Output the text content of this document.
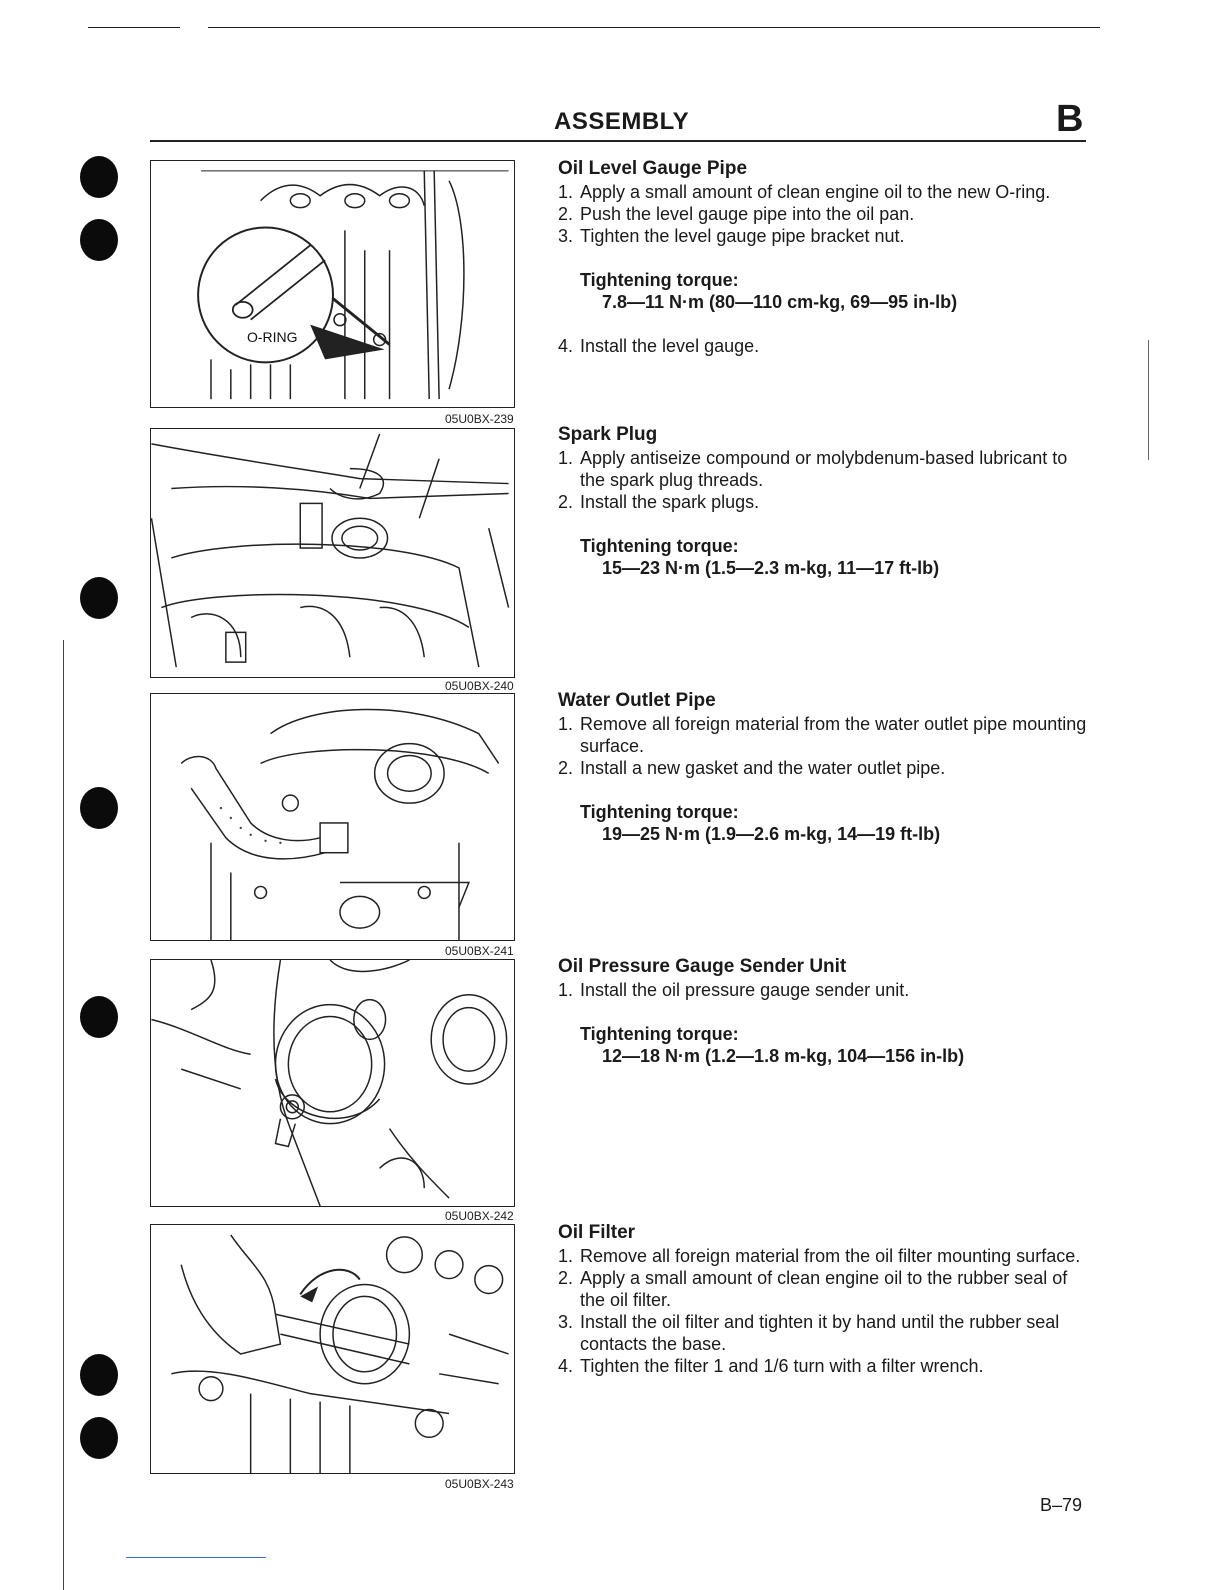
ASSEMBLY	B
O-RING
05U0BX-239
05U0BX-240
05U0BX-241
05U0BX-242
05U0BX-243
Oil Level Gauge Pipe
1. Apply a small amount of clean engine oil to the new O-ring.
2. Push the level gauge pipe into the oil pan.
3. Tighten the level gauge pipe bracket nut.
Tightening torque:
7.8—11 N·m (80—110 cm-kg, 69—95 in-lb)
4. Install the level gauge.
Spark Plug
1. Apply antiseize compound or molybdenum-based lubricant to the spark plug threads.
2. Install the spark plugs.
Tightening torque:
15—23 N·m (1.5—2.3 m-kg, 11—17 ft-lb)
Water Outlet Pipe
1. Remove all foreign material from the water outlet pipe mounting surface.
2. Install a new gasket and the water outlet pipe.
Tightening torque:
19—25 N·m (1.9—2.6 m-kg, 14—19 ft-lb)
Oil Pressure Gauge Sender Unit
1. Install the oil pressure gauge sender unit.
Tightening torque:
12—18 N·m (1.2—1.8 m-kg, 104—156 in-lb)
Oil Filter
1. Remove all foreign material from the oil filter mounting surface.
2. Apply a small amount of clean engine oil to the rubber seal of the oil filter.
3. Install the oil filter and tighten it by hand until the rubber seal contacts the base.
4. Tighten the filter 1 and 1/6 turn with a filter wrench.
B–79
